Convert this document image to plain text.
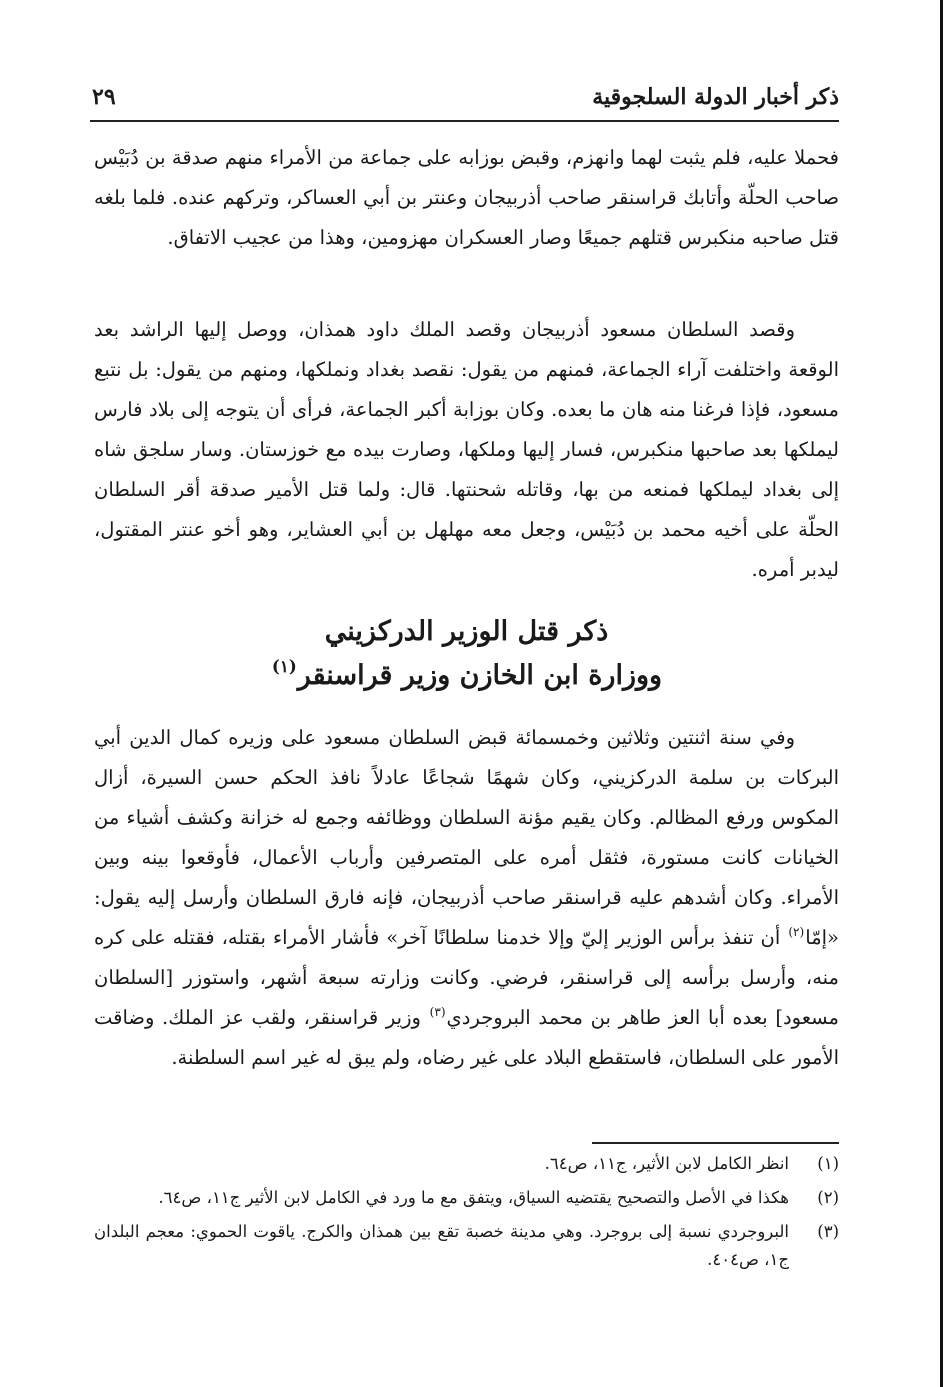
ذكر أخبار الدولة السلجوقية
٢٩

فحملا عليه، فلم يثبت لهما وانهزم، وقبض بوزابه على جماعة من الأمراء منهم صدقة بن دُبَيْس صاحب الحلّة وأتابك قراسنقر صاحب أذربيجان وعنتر بن أبي العساكر، وتركهم عنده. فلما بلغه قتل صاحبه منكبرس قتلهم جميعًا وصار العسكران مهزومين، وهذا من عجيب الاتفاق.

وقصد السلطان مسعود أذربيجان وقصد الملك داود همذان، ووصل إليها الراشد بعد الوقعة واختلفت آراء الجماعة، فمنهم من يقول: نقصد بغداد ونملكها، ومنهم من يقول: بل نتبع مسعود، فإذا فرغنا منه هان ما بعده. وكان بوزابة أكبر الجماعة، فرأى أن يتوجه إلى بلاد فارس ليملكها بعد صاحبها منكبرس، فسار إليها وملكها، وصارت بيده مع خوزستان. وسار سلجق شاه إلى بغداد ليملكها فمنعه من بها، وقاتله شحنتها. قال: ولما قتل الأمير صدقة أقر السلطان الحلّة على أخيه محمد بن دُبَيْس، وجعل معه مهلهل بن أبي العشاير، وهو أخو عنتر المقتول، ليدبر أمره.

ذكر قتل الوزير الدركزيني
ووزارة ابن الخازن وزير قراسنقر$^{(١)}$

وفي سنة اثنتين وثلاثين وخمسمائة قبض السلطان مسعود على وزيره كمال الدين أبي البركات بن سلمة الدركزيني، وكان شهمًا شجاعًا عادلاً نافذ الحكم حسن السيرة، أزال المكوس ورفع المظالم. وكان يقيم مؤنة السلطان ووظائفه وجمع له خزانة وكشف أشياء من الخيانات كانت مستورة، فثقل أمره على المتصرفين وأرباب الأعمال، فأوقعوا بينه وبين الأمراء. وكان أشدهم عليه قراسنقر صاحب أذربيجان، فإنه فارق السلطان وأرسل إليه يقول: «إمّا$^{(٢)}$ أن تنفذ برأس الوزير إليّ وإلا خدمنا سلطانًا آخر» فأشار الأمراء بقتله، فقتله على كره منه، وأرسل برأسه إلى قراسنقر، فرضي. وكانت وزارته سبعة أشهر، واستوزر [السلطان مسعود] بعده أبا العز طاهر بن محمد البروجردي$^{(٣)}$ وزير قراسنقر، ولقب عز الملك. وضاقت الأمور على السلطان، فاستقطع البلاد على غير رضاه، ولم يبق له غير اسم السلطنة.

(١)
انظر الكامل لابن الأثير، ج١١، ص٦٤.
(٢)
هكذا في الأصل والتصحيح يقتضيه السياق، ويتفق مع ما ورد في الكامل لابن الأثير ج١١، ص٦٤.
(٣)
البروجردي نسبة إلى بروجرد. وهي مدينة خصبة تقع بين همذان والكرج. ياقوت الحموي: معجم البلدان ج١، ص٤٠٤.
